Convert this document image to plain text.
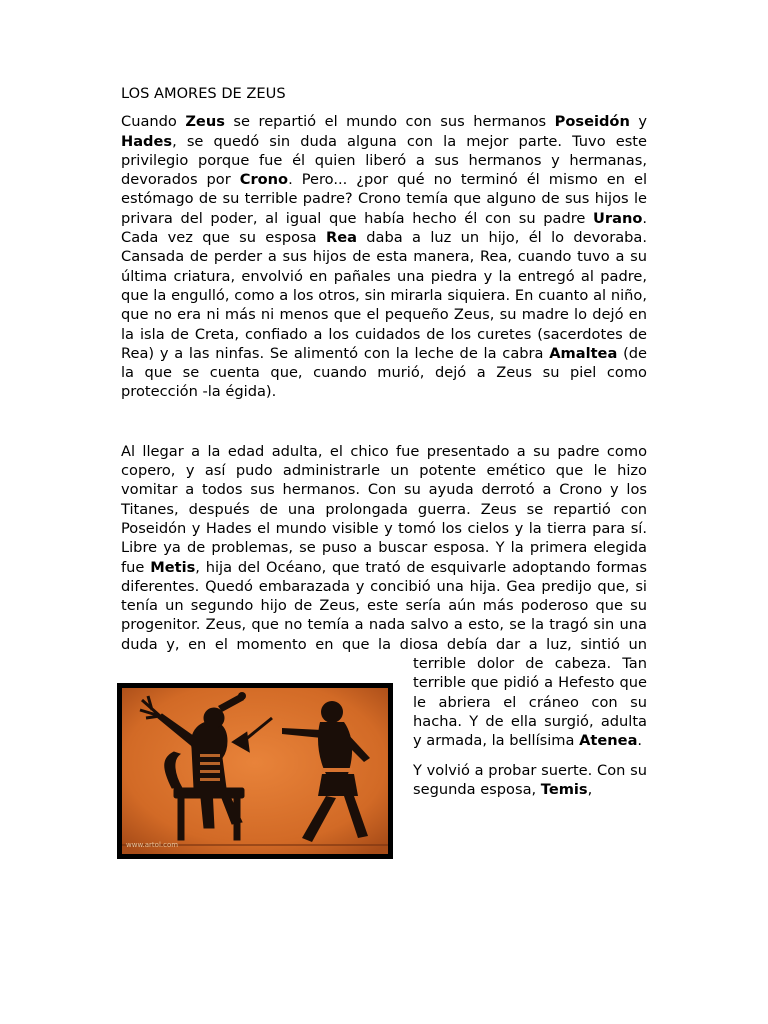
LOS AMORES DE ZEUS

Cuando Zeus se repartió el mundo con sus hermanos Poseidón y Hades, se quedó sin duda alguna con la mejor parte. Tuvo este privilegio porque fue él quien liberó a sus hermanos y hermanas, devorados por Crono. Pero... ¿por qué no terminó él mismo en el estómago de su terrible padre? Crono temía que alguno de sus hijos le privara del poder, al igual que había hecho él con su padre Urano. Cada vez que su esposa Rea daba a luz un hijo, él lo devoraba. Cansada de perder a sus hijos de esta manera, Rea, cuando tuvo a su última criatura, envolvió en pañales una piedra y la entregó al padre, que la engulló, como a los otros, sin mirarla siquiera. En cuanto al niño, que no era ni más ni menos que el pequeño Zeus, su madre lo dejó en la isla de Creta, confiado a los cuidados de los curetes (sacerdotes de Rea) y a las ninfas. Se alimentó con la leche de la cabra Amaltea (de la que se cuenta que, cuando murió, dejó a Zeus su piel como protección -la égida).

Al llegar a la edad adulta, el chico fue presentado a su padre como copero, y así pudo administrarle un potente emético que le hizo vomitar a todos sus hermanos. Con su ayuda derrotó a Crono y los Titanes, después de una prolongada guerra. Zeus se repartió con Poseidón y Hades el mundo visible y tomó los cielos y la tierra para sí. Libre ya de problemas, se puso a buscar esposa. Y la primera elegida fue Metis, hija del Océano, que trató de esquivarle adoptando formas diferentes. Quedó embarazada y concibió una hija. Gea predijo que, si tenía un segundo hijo de Zeus, este sería aún más poderoso que su progenitor. Zeus, que no temía a nada salvo a esto, se la tragó sin una duda y, en el momento en que la diosa debía dar a luz, sintió un terrible dolor de cabeza. Tan terrible que pidió a Hefesto que le abriera el cráneo con su hacha. Y de ella surgió, adulta y armada, la bellísima Atenea.

Y volvió a probar suerte. Con su segunda esposa, Temis,

www.artol.com
